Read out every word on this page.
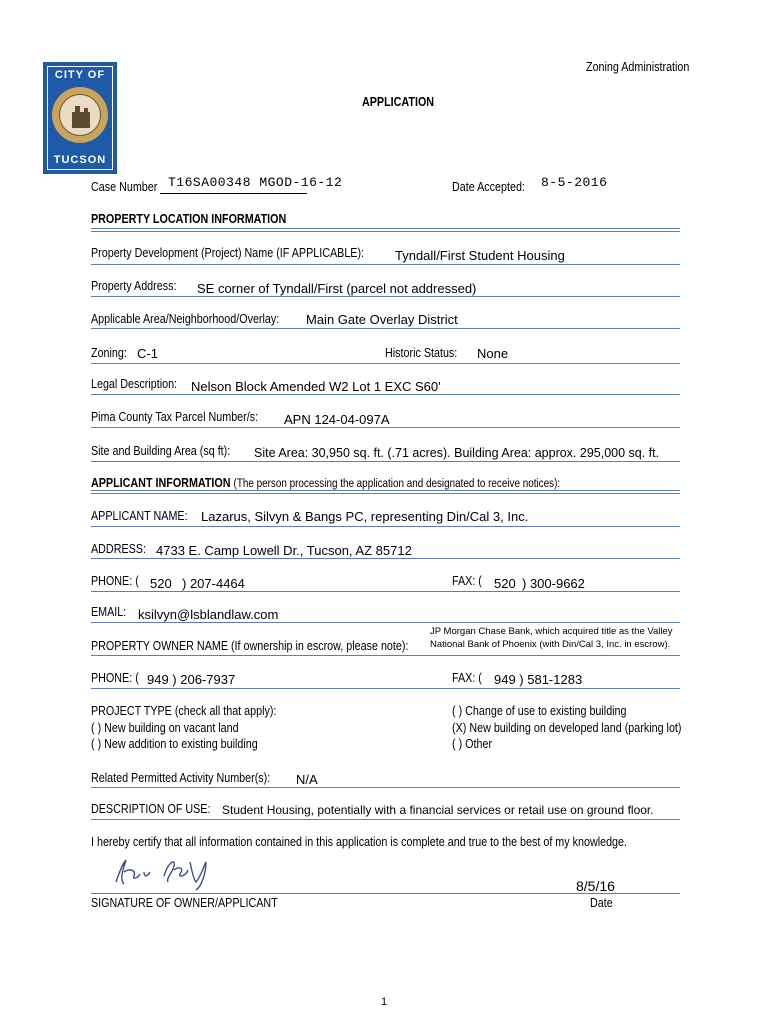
CITY OF
TUCSON
Zoning Administration
APPLICATION
Case Number T16SA00348 MGOD-16-12	Date Accepted: 8-5-2016
PROPERTY LOCATION INFORMATION
Property Development (Project) Name (IF APPLICABLE): Tyndall/First Student Housing
Property Address: SE corner of Tyndall/First (parcel not addressed)
Applicable Area/Neighborhood/Overlay: Main Gate Overlay District
Zoning: C-1	Historic Status: None
Legal Description: Nelson Block Amended W2 Lot 1 EXC S60'
Pima County Tax Parcel Number/s: APN 124-04-097A
Site and Building Area (sq ft): Site Area: 30,950 sq. ft. (.71 acres). Building Area: approx. 295,000 sq. ft.
APPLICANT INFORMATION (The person processing the application and designated to receive notices):
APPLICANT NAME: Lazarus, Silvyn & Bangs PC, representing Din/Cal 3, Inc.
ADDRESS: 4733 E. Camp Lowell Dr., Tucson, AZ 85712
PHONE: ( 520 ) 207-4464	FAX: ( 520 ) 300-9662
EMAIL: ksilvyn@lsblandlaw.com
PROPERTY OWNER NAME (If ownership in escrow, please note):
JP Morgan Chase Bank, which acquired title as the Valley
National Bank of Phoenix (with Din/Cal 3, Inc. in escrow).
PHONE: ( 949 ) 206-7937	FAX: ( 949 ) 581-1283
PROJECT TYPE (check all that apply):
( ) New building on vacant land
( ) New addition to existing building
( ) Change of use to existing building
(X) New building on developed land (parking lot)
( ) Other
Related Permitted Activity Number(s): N/A
DESCRIPTION OF USE: Student Housing, potentially with a financial services or retail use on ground floor.
I hereby certify that all information contained in this application is complete and true to the best of my knowledge.
8/5/16
SIGNATURE OF OWNER/APPLICANT	Date
1
